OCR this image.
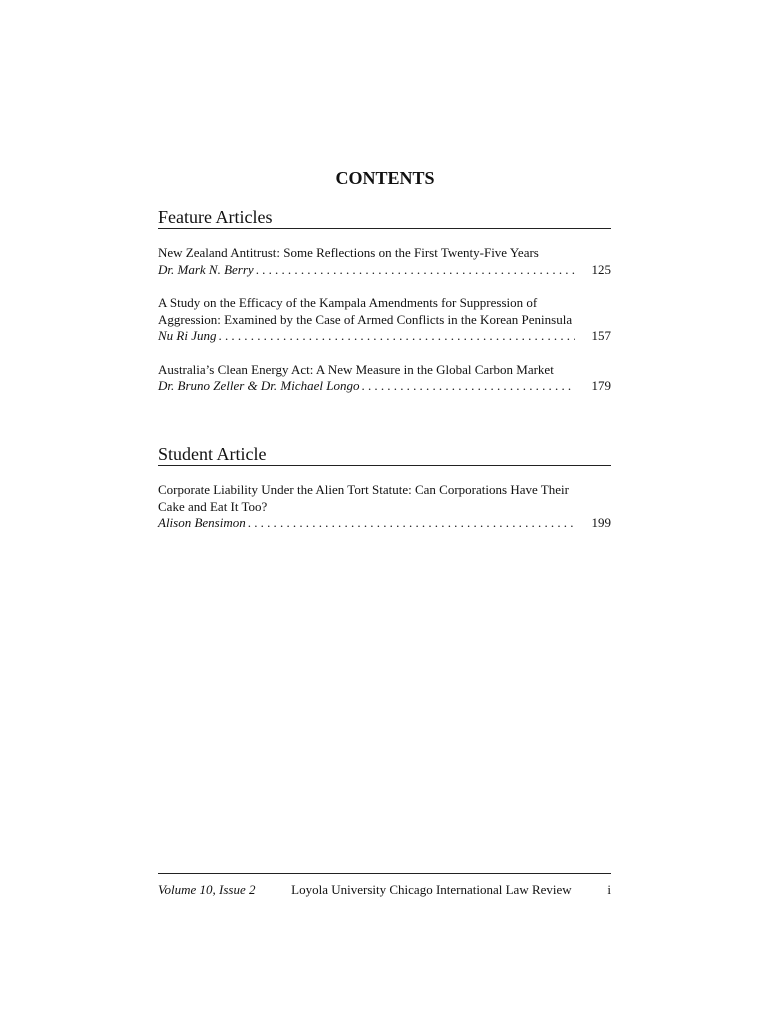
CONTENTS
Feature Articles
New Zealand Antitrust: Some Reflections on the First Twenty-Five Years
Dr. Mark N. Berry .....	125
A Study on the Efficacy of the Kampala Amendments for Suppression of Aggression: Examined by the Case of Armed Conflicts in the Korean Peninsula
Nu Ri Jung .....	157
Australia’s Clean Energy Act: A New Measure in the Global Carbon Market
Dr. Bruno Zeller & Dr. Michael Longo .....	179
Student Article
Corporate Liability Under the Alien Tort Statute: Can Corporations Have Their Cake and Eat It Too?
Alison Bensimon .....	199
Volume 10, Issue 2	Loyola University Chicago International Law Review	i
